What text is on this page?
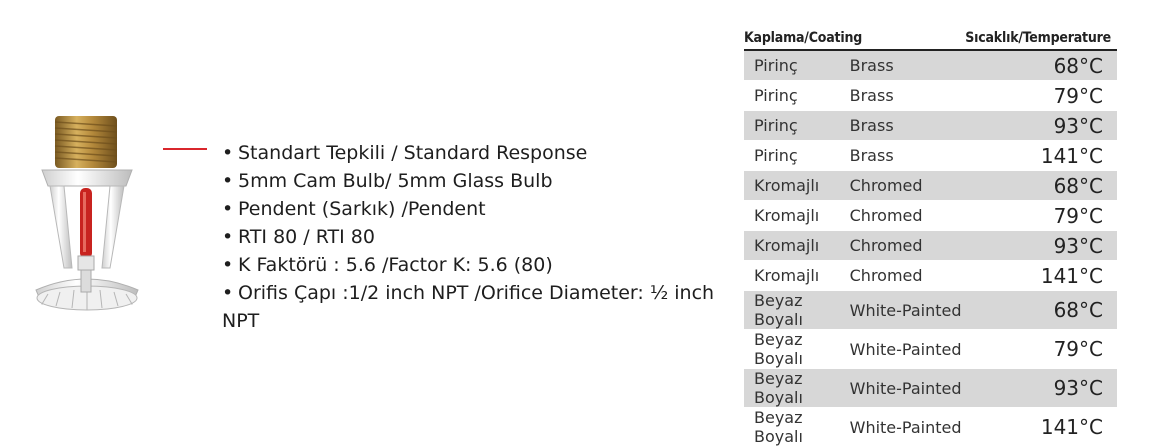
• Standart Tepkili / Standard Response
• 5mm Cam Bulb/ 5mm Glass Bulb
• Pendent (Sarkık) /Pendent
• RTI 80 / RTI 80
• K Faktörü : 5.6 /Factor K: 5.6 (80)
• Orifis Çapı :1/2 inch NPT /Orifice Diameter: ½ inch NPT
Kaplama/Coating		Sıcaklık/Temperature
Pirinç	Brass	68°C
Pirinç	Brass	79°C
Pirinç	Brass	93°C
Pirinç	Brass	141°C
Kromajlı	Chromed	68°C
Kromajlı	Chromed	79°C
Kromajlı	Chromed	93°C
Kromajlı	Chromed	141°C
Beyaz Boyalı	White-Painted	68°C
Beyaz Boyalı	White-Painted	79°C
Beyaz Boyalı	White-Painted	93°C
Beyaz Boyalı	White-Painted	141°C
